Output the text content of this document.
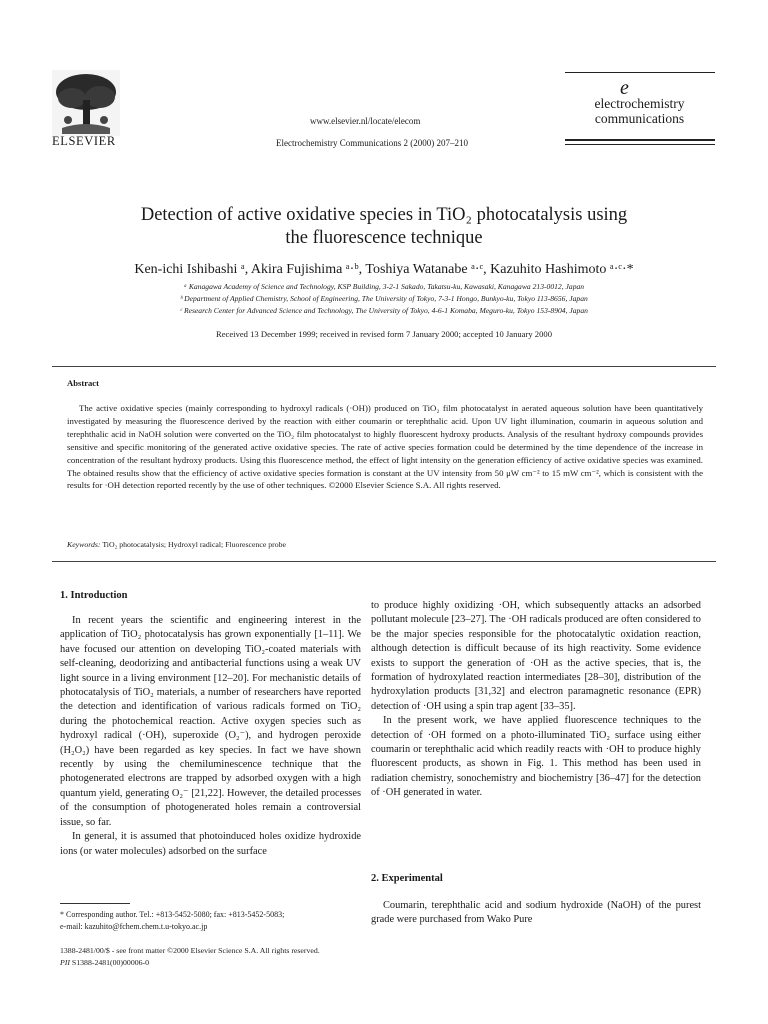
ELSEVIER
www.elsevier.nl/locate/elecom
Electrochemistry Communications 2 (2000) 207–210
e
electrochemistry
communications
Detection of active oxidative species in TiO₂ photocatalysis using
the fluorescence technique
Ken-ichi Ishibashi ᵃ, Akira Fujishima ᵃ·ᵇ, Toshiya Watanabe ᵃ·ᶜ, Kazuhito Hashimoto ᵃ·ᶜ·*
ᵃ Kanagawa Academy of Science and Technology, KSP Building, 3-2-1 Sakado, Takatsu-ku, Kawasaki, Kanagawa 213-0012, Japan
ᵇ Department of Applied Chemistry, School of Engineering, The University of Tokyo, 7-3-1 Hongo, Bunkyo-ku, Tokyo 113-8656, Japan
ᶜ Research Center for Advanced Science and Technology, The University of Tokyo, 4-6-1 Komaba, Meguro-ku, Tokyo 153-8904, Japan
Received 13 December 1999; received in revised form 7 January 2000; accepted 10 January 2000
Abstract
The active oxidative species (mainly corresponding to hydroxyl radicals (·OH)) produced on TiO₂ film photocatalyst in aerated aqueous solution have been quantitatively investigated by measuring the fluorescence derived by the reaction with either coumarin or terephthalic acid. Upon UV light illumination, coumarin in aqueous solution and terephthalic acid in NaOH solution were converted on the TiO₂ film photocatalyst to highly fluorescent hydroxy products. Analysis of the resultant hydroxy compounds provides sensitive and specific monitoring of the generated active oxidative species. The rate of active species formation could be determined by the time dependence of the increase in concentration of the resultant hydroxy products. Using this fluorescence method, the effect of light intensity on the generation efficiency of active oxidative species was examined. The obtained results show that the efficiency of active oxidative species formation is constant at the UV intensity from 50 μW cm⁻² to 15 mW cm⁻², which is consistent with the results for ·OH detection reported recently by the use of other techniques. ©2000 Elsevier Science S.A. All rights reserved.
Keywords: TiO₂ photocatalysis; Hydroxyl radical; Fluorescence probe
1. Introduction

In recent years the scientific and engineering interest in the application of TiO₂ photocatalysis has grown exponentially [1–11]. We have focused our attention on developing TiO₂-coated materials with self-cleaning, deodorizing and antibacterial functions using a weak UV light source in a living environment [12–20]. For mechanistic details of photocatalysis of TiO₂ materials, a number of researchers have reported the detection and identification of various radicals formed on TiO₂ during the photochemical reaction. Active oxygen species such as hydroxyl radical (·OH), superoxide (O₂⁻), and hydrogen peroxide (H₂O₂) have been regarded as key species. In fact we have shown recently by using the chemiluminescence technique that the photogenerated electrons are trapped by adsorbed oxygen with a high quantum yield, generating O₂⁻ [21,22]. However, the detailed processes of the consumption of photogenerated holes remain a controversial issue, so far.

In general, it is assumed that photoinduced holes oxidize hydroxide ions (or water molecules) adsorbed on the surface

* Corresponding author. Tel.: +813-5452-5080; fax: +813-5452-5083;
e-mail: kazuhito@fchem.chem.t.u-tokyo.ac.jp

to produce highly oxidizing ·OH, which subsequently attacks an adsorbed pollutant molecule [23–27]. The ·OH radicals produced are often considered to be the major species responsible for the photocatalytic oxidation reaction, although detection is difficult because of its high reactivity. Some evidence exists to support the generation of ·OH as the active species, that is, the formation of hydroxylated reaction intermediates [28–30], distribution of the hydroxylation products [31,32] and electron paramagnetic resonance (EPR) detection of ·OH using a spin trap agent [33–35].

In the present work, we have applied fluorescence techniques to the detection of ·OH formed on a photo-illuminated TiO₂ surface using either coumarin or terephthalic acid which readily reacts with ·OH to produce highly fluorescent products, as shown in Fig. 1. This method has been used in radiation chemistry, sonochemistry and biochemistry [36–47] for the detection of ·OH generated in water.

2. Experimental

Coumarin, terephthalic acid and sodium hydroxide (NaOH) of the purest grade were purchased from Wako Pure

1388-2481/00/$ - see front matter ©2000 Elsevier Science S.A. All rights reserved.
PII S1388-2481(00)00006-0
